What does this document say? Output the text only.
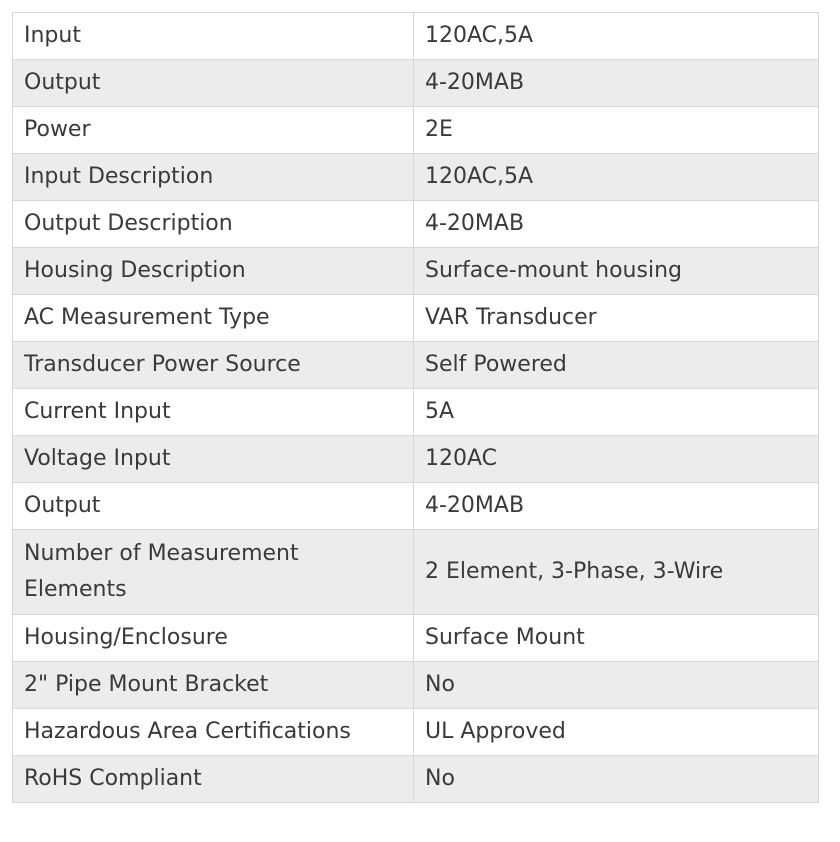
Input	120AC,5A
Output	4-20MAB
Power	2E
Input Description	120AC,5A
Output Description	4-20MAB
Housing Description	Surface-mount housing
AC Measurement Type	VAR Transducer
Transducer Power Source	Self Powered
Current Input	5A
Voltage Input	120AC
Output	4-20MAB
Number of Measurement Elements	2 Element, 3-Phase, 3-Wire
Housing/Enclosure	Surface Mount
2" Pipe Mount Bracket	No
Hazardous Area Certifications	UL Approved
RoHS Compliant	No
